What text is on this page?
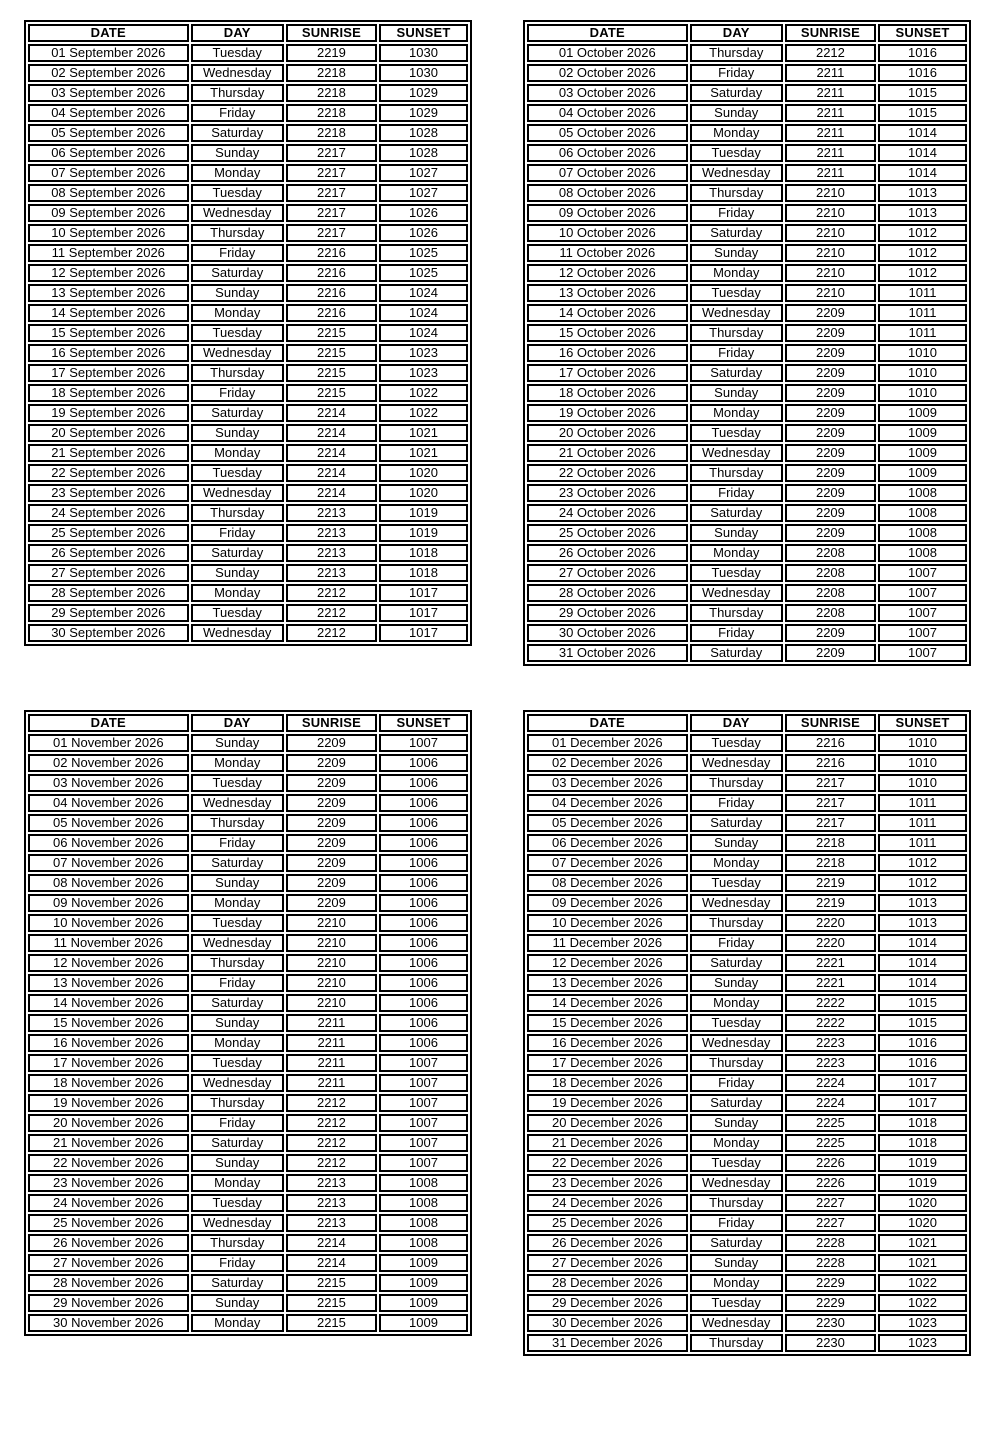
DATE	DAY	SUNRISE	SUNSET
01 September 2026	Tuesday	2219	1030
02 September 2026	Wednesday	2218	1030
03 September 2026	Thursday	2218	1029
04 September 2026	Friday	2218	1029
05 September 2026	Saturday	2218	1028
06 September 2026	Sunday	2217	1028
07 September 2026	Monday	2217	1027
08 September 2026	Tuesday	2217	1027
09 September 2026	Wednesday	2217	1026
10 September 2026	Thursday	2217	1026
11 September 2026	Friday	2216	1025
12 September 2026	Saturday	2216	1025
13 September 2026	Sunday	2216	1024
14 September 2026	Monday	2216	1024
15 September 2026	Tuesday	2215	1024
16 September 2026	Wednesday	2215	1023
17 September 2026	Thursday	2215	1023
18 September 2026	Friday	2215	1022
19 September 2026	Saturday	2214	1022
20 September 2026	Sunday	2214	1021
21 September 2026	Monday	2214	1021
22 September 2026	Tuesday	2214	1020
23 September 2026	Wednesday	2214	1020
24 September 2026	Thursday	2213	1019
25 September 2026	Friday	2213	1019
26 September 2026	Saturday	2213	1018
27 September 2026	Sunday	2213	1018
28 September 2026	Monday	2212	1017
29 September 2026	Tuesday	2212	1017
30 September 2026	Wednesday	2212	1017
DATE	DAY	SUNRISE	SUNSET
01 October 2026	Thursday	2212	1016
02 October 2026	Friday	2211	1016
03 October 2026	Saturday	2211	1015
04 October 2026	Sunday	2211	1015
05 October 2026	Monday	2211	1014
06 October 2026	Tuesday	2211	1014
07 October 2026	Wednesday	2211	1014
08 October 2026	Thursday	2210	1013
09 October 2026	Friday	2210	1013
10 October 2026	Saturday	2210	1012
11 October 2026	Sunday	2210	1012
12 October 2026	Monday	2210	1012
13 October 2026	Tuesday	2210	1011
14 October 2026	Wednesday	2209	1011
15 October 2026	Thursday	2209	1011
16 October 2026	Friday	2209	1010
17 October 2026	Saturday	2209	1010
18 October 2026	Sunday	2209	1010
19 October 2026	Monday	2209	1009
20 October 2026	Tuesday	2209	1009
21 October 2026	Wednesday	2209	1009
22 October 2026	Thursday	2209	1009
23 October 2026	Friday	2209	1008
24 October 2026	Saturday	2209	1008
25 October 2026	Sunday	2209	1008
26 October 2026	Monday	2208	1008
27 October 2026	Tuesday	2208	1007
28 October 2026	Wednesday	2208	1007
29 October 2026	Thursday	2208	1007
30 October 2026	Friday	2209	1007
31 October 2026	Saturday	2209	1007
DATE	DAY	SUNRISE	SUNSET
01 November 2026	Sunday	2209	1007
02 November 2026	Monday	2209	1006
03 November 2026	Tuesday	2209	1006
04 November 2026	Wednesday	2209	1006
05 November 2026	Thursday	2209	1006
06 November 2026	Friday	2209	1006
07 November 2026	Saturday	2209	1006
08 November 2026	Sunday	2209	1006
09 November 2026	Monday	2209	1006
10 November 2026	Tuesday	2210	1006
11 November 2026	Wednesday	2210	1006
12 November 2026	Thursday	2210	1006
13 November 2026	Friday	2210	1006
14 November 2026	Saturday	2210	1006
15 November 2026	Sunday	2211	1006
16 November 2026	Monday	2211	1006
17 November 2026	Tuesday	2211	1007
18 November 2026	Wednesday	2211	1007
19 November 2026	Thursday	2212	1007
20 November 2026	Friday	2212	1007
21 November 2026	Saturday	2212	1007
22 November 2026	Sunday	2212	1007
23 November 2026	Monday	2213	1008
24 November 2026	Tuesday	2213	1008
25 November 2026	Wednesday	2213	1008
26 November 2026	Thursday	2214	1008
27 November 2026	Friday	2214	1009
28 November 2026	Saturday	2215	1009
29 November 2026	Sunday	2215	1009
30 November 2026	Monday	2215	1009
DATE	DAY	SUNRISE	SUNSET
01 December 2026	Tuesday	2216	1010
02 December 2026	Wednesday	2216	1010
03 December 2026	Thursday	2217	1010
04 December 2026	Friday	2217	1011
05 December 2026	Saturday	2217	1011
06 December 2026	Sunday	2218	1011
07 December 2026	Monday	2218	1012
08 December 2026	Tuesday	2219	1012
09 December 2026	Wednesday	2219	1013
10 December 2026	Thursday	2220	1013
11 December 2026	Friday	2220	1014
12 December 2026	Saturday	2221	1014
13 December 2026	Sunday	2221	1014
14 December 2026	Monday	2222	1015
15 December 2026	Tuesday	2222	1015
16 December 2026	Wednesday	2223	1016
17 December 2026	Thursday	2223	1016
18 December 2026	Friday	2224	1017
19 December 2026	Saturday	2224	1017
20 December 2026	Sunday	2225	1018
21 December 2026	Monday	2225	1018
22 December 2026	Tuesday	2226	1019
23 December 2026	Wednesday	2226	1019
24 December 2026	Thursday	2227	1020
25 December 2026	Friday	2227	1020
26 December 2026	Saturday	2228	1021
27 December 2026	Sunday	2228	1021
28 December 2026	Monday	2229	1022
29 December 2026	Tuesday	2229	1022
30 December 2026	Wednesday	2230	1023
31 December 2026	Thursday	2230	1023
